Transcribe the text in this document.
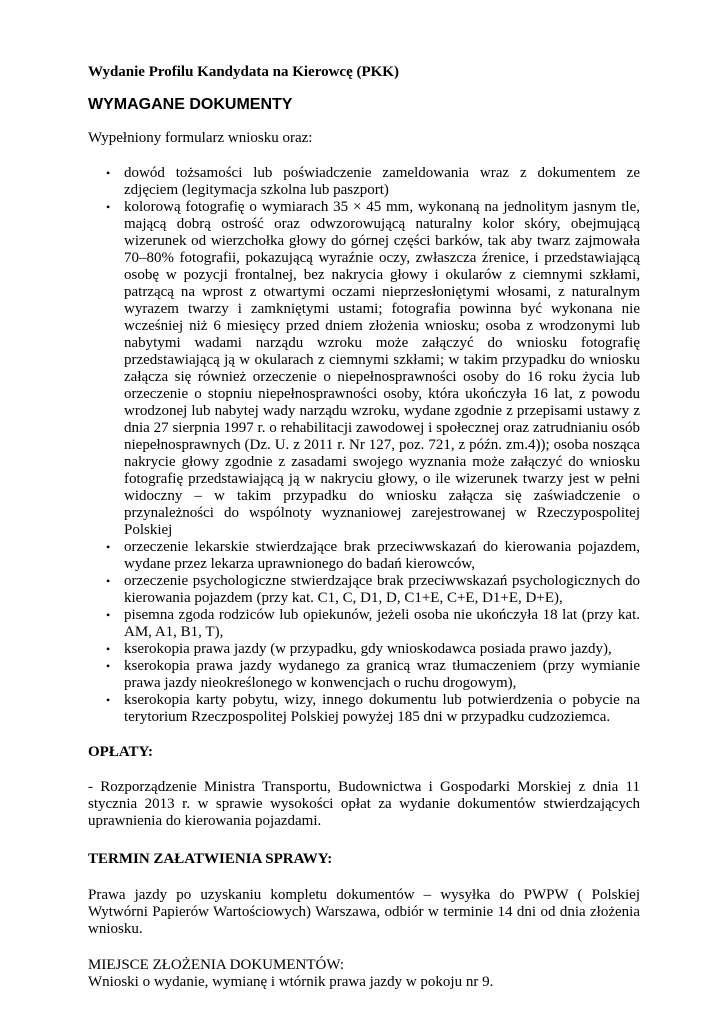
Wydanie Profilu Kandydata na Kierowcę (PKK)

WYMAGANE DOKUMENTY

Wypełniony formularz wniosku oraz:

• dowód tożsamości lub poświadczenie zameldowania wraz z dokumentem ze zdjęciem (legitymacja szkolna lub paszport)
• kolorową fotografię o wymiarach 35 × 45 mm, wykonaną na jednolitym jasnym tle, mającą dobrą ostrość oraz odwzorowującą naturalny kolor skóry, obejmującą wizerunek od wierzchołka głowy do górnej części barków, tak aby twarz zajmowała 70–80% fotografii, pokazującą wyraźnie oczy, zwłaszcza źrenice, i przedstawiającą osobę w pozycji frontalnej, bez nakrycia głowy i okularów z ciemnymi szkłami, patrzącą na wprost z otwartymi oczami nieprzesłoniętymi włosami, z naturalnym wyrazem twarzy i zamkniętymi ustami; fotografia powinna być wykonana nie wcześniej niż 6 miesięcy przed dniem złożenia wniosku; osoba z wrodzonymi lub nabytymi wadami narządu wzroku może załączyć do wniosku fotografię przedstawiającą ją w okularach z ciemnymi szkłami; w takim przypadku do wniosku załącza się również orzeczenie o niepełnosprawności osoby do 16 roku życia lub orzeczenie o stopniu niepełnosprawności osoby, która ukończyła 16 lat, z powodu wrodzonej lub nabytej wady narządu wzroku, wydane zgodnie z przepisami ustawy z dnia 27 sierpnia 1997 r. o rehabilitacji zawodowej i społecznej oraz zatrudnianiu osób niepełnosprawnych (Dz. U. z 2011 r. Nr 127, poz. 721, z późn. zm.4)); osoba nosząca nakrycie głowy zgodnie z zasadami swojego wyznania może załączyć do wniosku fotografię przedstawiającą ją w nakryciu głowy, o ile wizerunek twarzy jest w pełni widoczny – w takim przypadku do wniosku załącza się zaświadczenie o przynależności do wspólnoty wyznaniowej zarejestrowanej w Rzeczypospolitej Polskiej
• orzeczenie lekarskie stwierdzające brak przeciwwskazań do kierowania pojazdem, wydane przez lekarza uprawnionego do badań kierowców,
• orzeczenie psychologiczne stwierdzające brak przeciwwskazań psychologicznych do kierowania pojazdem (przy kat. C1, C, D1, D, C1+E, C+E, D1+E, D+E),
• pisemna zgoda rodziców lub opiekunów, jeżeli osoba nie ukończyła 18 lat (przy kat. AM, A1, B1, T),
• kserokopia prawa jazdy (w przypadku, gdy wnioskodawca posiada prawo jazdy),
• kserokopia prawa jazdy wydanego za granicą wraz tłumaczeniem (przy wymianie prawa jazdy nieokreślonego w konwencjach o ruchu drogowym),
• kserokopia karty pobytu, wizy, innego dokumentu lub potwierdzenia o pobycie na terytorium Rzeczpospolitej Polskiej powyżej 185 dni w przypadku cudzoziemca.

OPŁATY:

- Rozporządzenie Ministra Transportu, Budownictwa i Gospodarki Morskiej z dnia 11 stycznia 2013 r. w sprawie wysokości opłat za wydanie dokumentów stwierdzających uprawnienia do kierowania pojazdami.

TERMIN ZAŁATWIENIA SPRAWY:

Prawa jazdy po uzyskaniu kompletu dokumentów – wysyłka do PWPW ( Polskiej Wytwórni Papierów Wartościowych) Warszawa, odbiór w terminie 14 dni od dnia złożenia wniosku.

MIEJSCE ZŁOŻENIA DOKUMENTÓW:

Wnioski o wydanie, wymianę i wtórnik prawa jazdy w pokoju nr 9.
